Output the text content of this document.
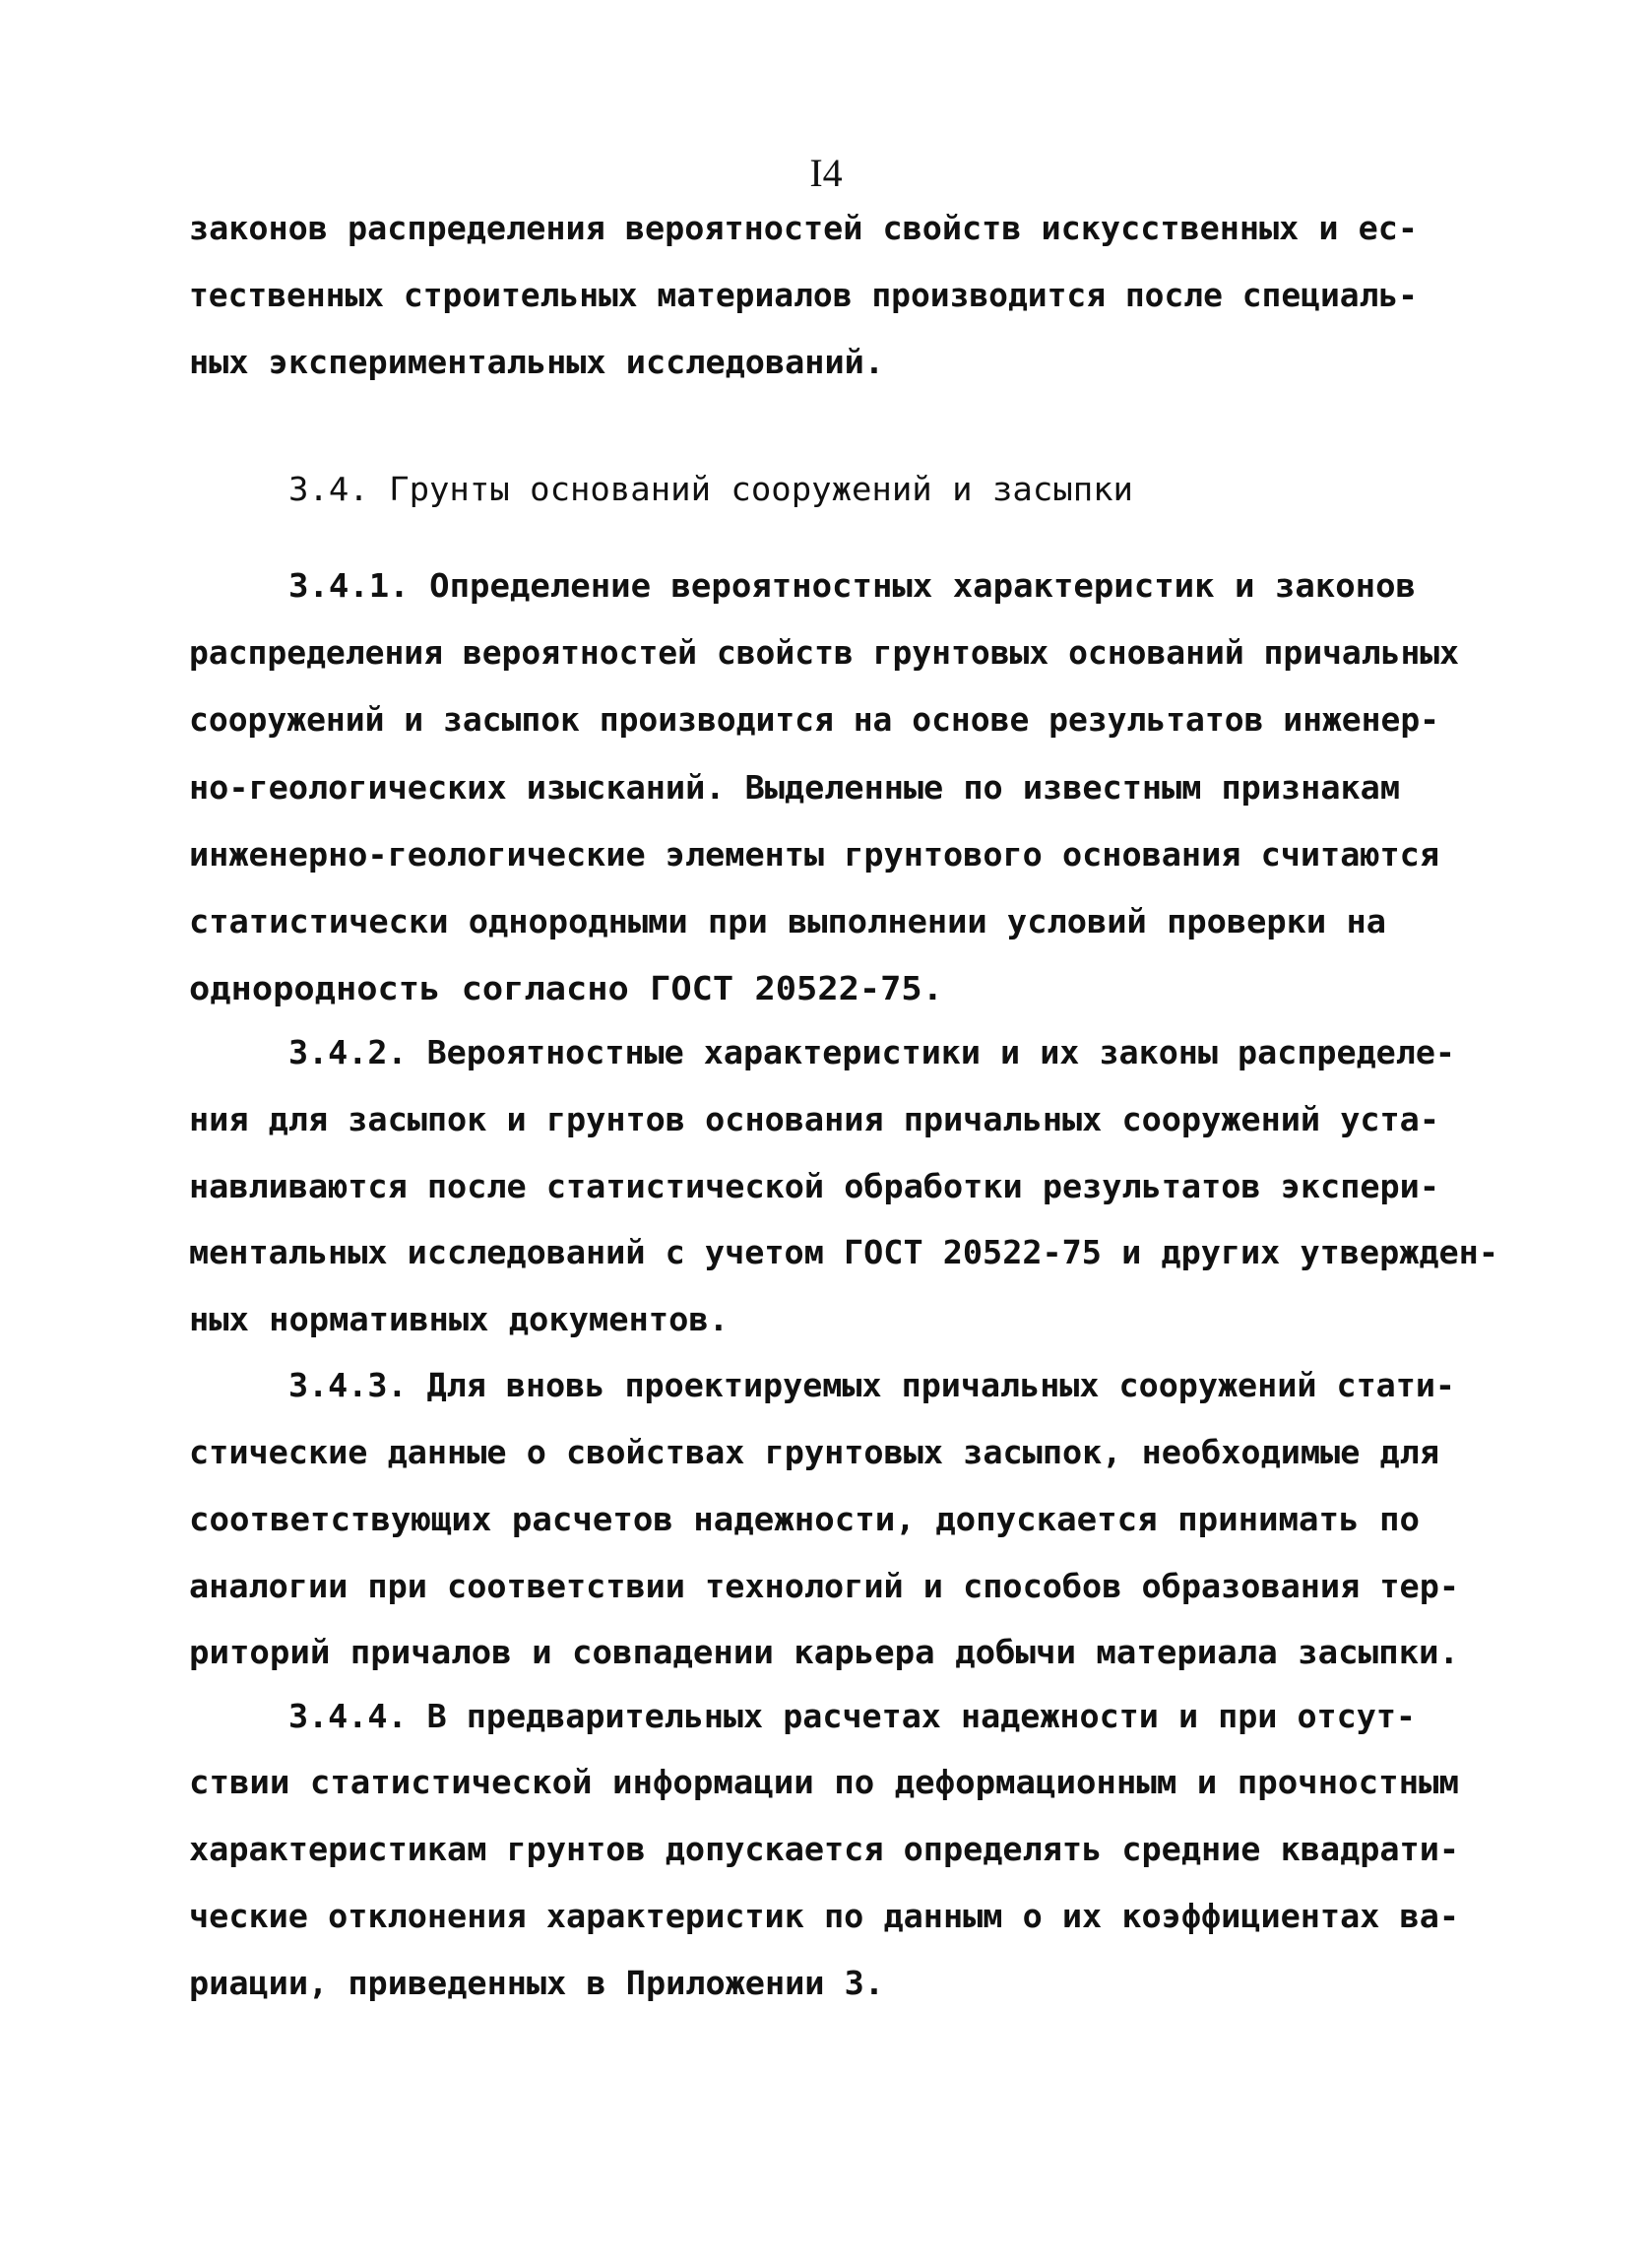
I4
законов распределения вероятностей свойств искусственных и ес-
тественных строительных материалов производится после специаль-
ных экспериментальных исследований.
3.4. Грунты оснований сооружений и засыпки
3.4.1. Определение вероятностных характеристик и законов
распределения вероятностей свойств грунтовых оснований причальных
сооружений и засыпок производится на основе результатов инженер-
но-геологических изысканий. Выделенные по известным признакам
инженерно-геологические элементы грунтового основания считаются
статистически однородными при выполнении условий проверки на
однородность согласно ГОСТ 20522-75.
3.4.2. Вероятностные характеристики и их законы распределе-
ния для засыпок и грунтов основания причальных сооружений уста-
навливаются после статистической обработки результатов экспери-
ментальных исследований с учетом ГОСТ 20522-75 и других утвержден-
ных нормативных документов.
3.4.3. Для вновь проектируемых причальных сооружений стати-
стические данные о свойствах грунтовых засыпок, необходимые для
соответствующих расчетов надежности, допускается принимать по
аналогии при соответствии технологий и способов образования тер-
риторий причалов и совпадении карьера добычи материала засыпки.
3.4.4. В предварительных расчетах надежности и при отсут-
ствии статистической информации по деформационным и прочностным
характеристикам грунтов допускается определять средние квадрати-
ческие отклонения характеристик по данным о их коэффициентах ва-
риации, приведенных в Приложении 3.
